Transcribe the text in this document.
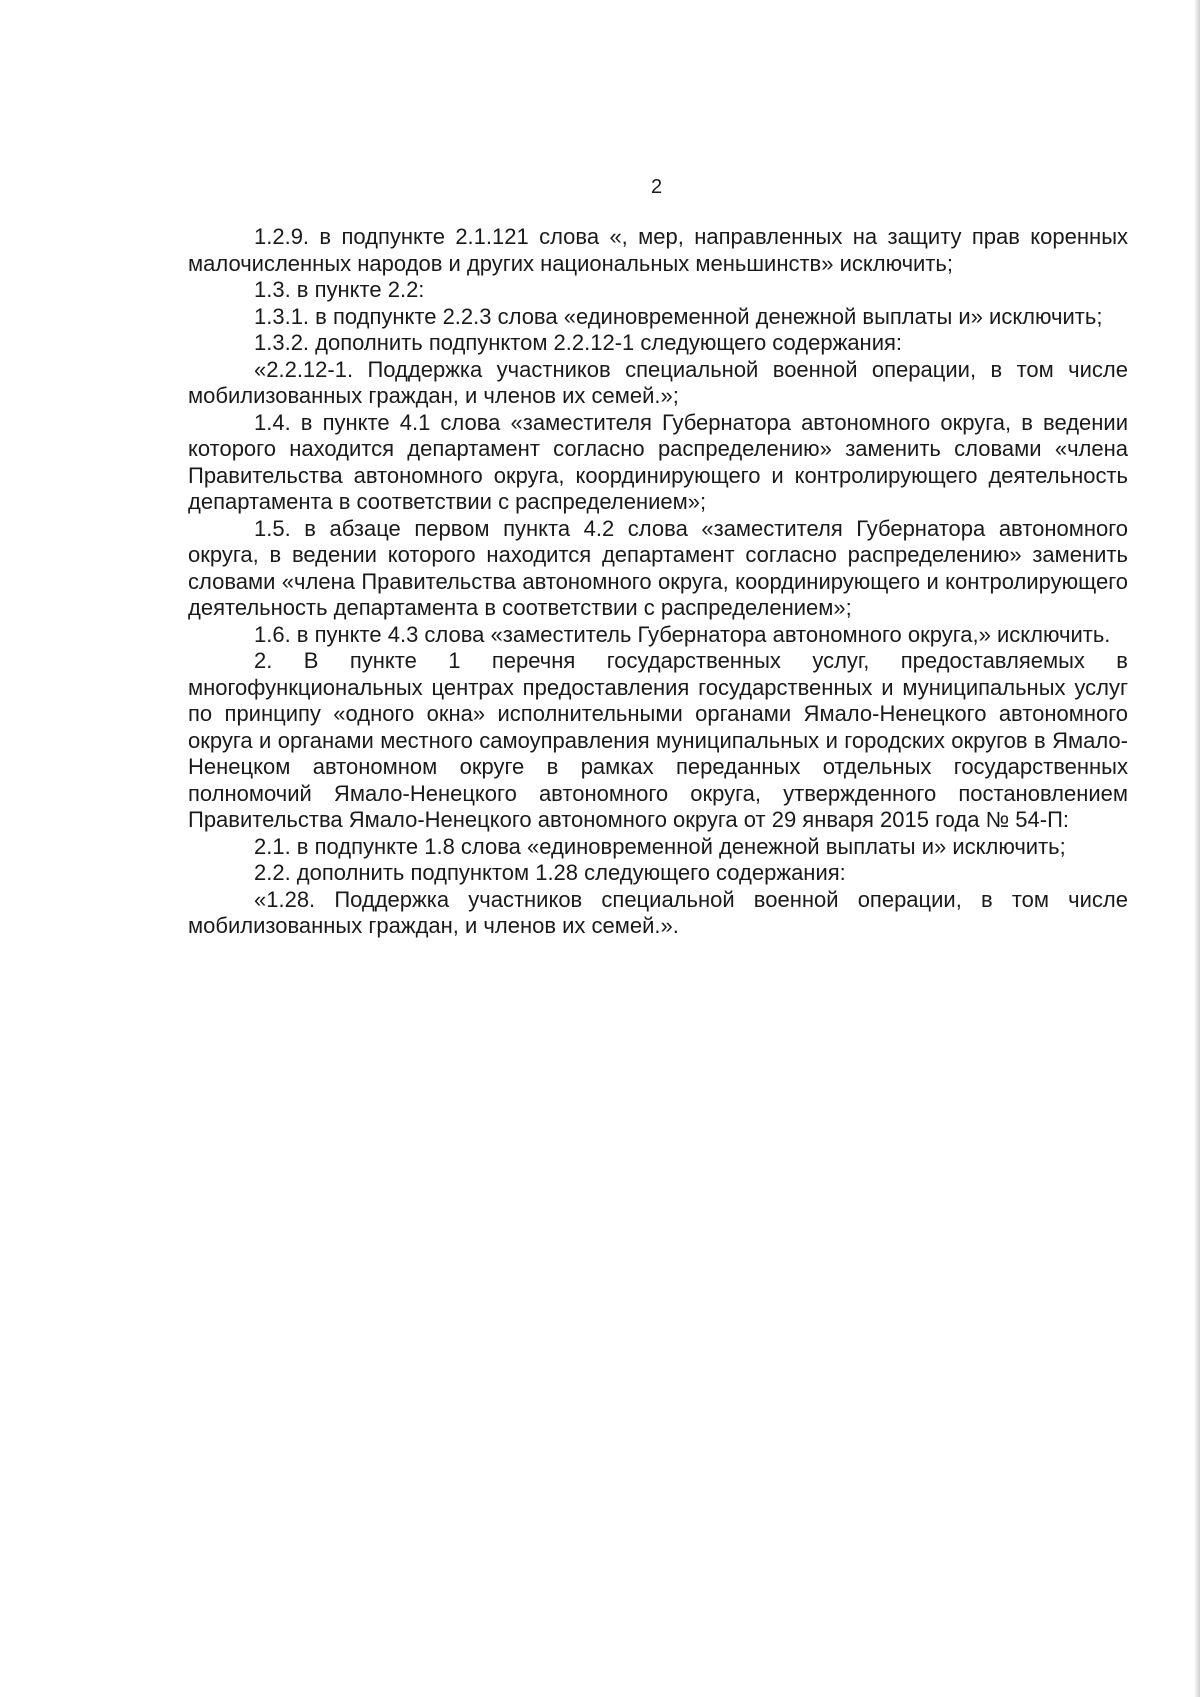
2

1.2.9. в подпункте 2.1.121 слова «, мер, направленных на защиту прав коренных малочисленных народов и других национальных меньшинств» исключить;

1.3. в пункте 2.2:

1.3.1. в подпункте 2.2.3 слова «единовременной денежной выплаты и» исключить;

1.3.2. дополнить подпунктом 2.2.12-1 следующего содержания:

«2.2.12-1. Поддержка участников специальной военной операции, в том числе мобилизованных граждан, и членов их семей.»;

1.4. в пункте 4.1 слова «заместителя Губернатора автономного округа, в ведении которого находится департамент согласно распределению» заменить словами «члена Правительства автономного округа, координирующего и контролирующего деятельность департамента в соответствии с распределением»;

1.5. в абзаце первом пункта 4.2 слова «заместителя Губернатора автономного округа, в ведении которого находится департамент согласно распределению» заменить словами «члена Правительства автономного округа, координирующего и контролирующего деятельность департамента в соответствии с распределением»;

1.6. в пункте 4.3 слова «заместитель Губернатора автономного округа,» исключить.

2. В пункте 1 перечня государственных услуг, предоставляемых в многофункциональных центрах предоставления государственных и муниципальных услуг по принципу «одного окна» исполнительными органами Ямало-Ненецкого автономного округа и органами местного самоуправления муниципальных и городских округов в Ямало-Ненецком автономном округе в рамках переданных отдельных государственных полномочий Ямало-Ненецкого автономного округа, утвержденного постановлением Правительства Ямало-Ненецкого автономного округа от 29 января 2015 года № 54-П:

2.1. в подпункте 1.8 слова «единовременной денежной выплаты и» исключить;

2.2. дополнить подпунктом 1.28 следующего содержания:

«1.28. Поддержка участников специальной военной операции, в том числе мобилизованных граждан, и членов их семей.».
